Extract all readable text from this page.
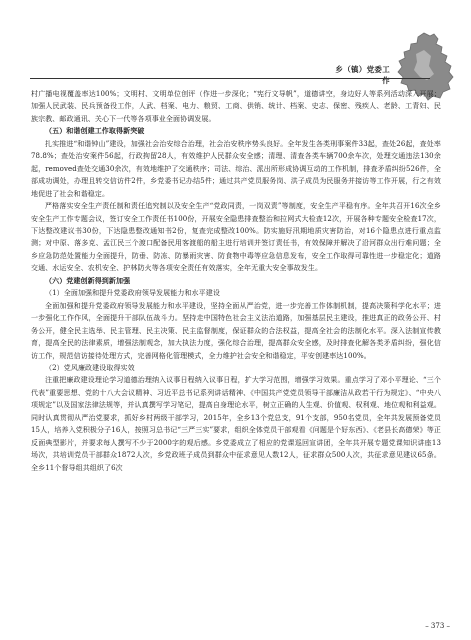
乡（镇）党委工作

村广播电视覆盖率达100%；文明村、文明单位创评（作进一步深化；“宪行文导帆”，道德讲空，身边好人等系列活动深入开展；加强人民武装、民兵预备役工作，人武、档案、电力、粮贸、工商、供销、统计、档案、史志、保密、残疾人、老龄、工青妇、民族宗教、邮政通讯、关心下一代等各项事业全面协调发展。

（五）和谐创建工作取得新突破

扎实推进“和谐钟山”建设，加强社会治安综合治理，社会治安秩序势头良好。全年发生各类刑事案件33起，查处26起，查处率78.8%；查处治安案件56起，行政拘留28人，有效维护人民群众安全感；清理、清查各类车辆700余车次，处理交通违法130余起，removed查处交通30余次，有效地维护了交通秩序；司法、综治、派出所形成协调互动的工作机制，排查矛盾纠纷526件，全部成功调处，办理且转交信访件2件，乡党委书记办结5件；通过共产党员服务岗、洪子成员为民服务并接访等工作开展，行之有效地促进了社会和谐稳定。

严格落实安全生产责任制和责任追究制以及安全生产“党政同责，一岗双责”等制度，安全生产平稳有序。全年共召开16次全乡安全生产工作专题会议，签订安全工作责任书100份，开展安全隐患排查整治和拉网式大检查12次，开展各种专题安全检查17次，下达整改建议书30份，下达隐患整改通知书2份，复查完成整改100%。防实施好汛期地质灾害防治，对16个隐患点进行重点监测；对中原、落多克、孟江民三个渡口配备民用客渡船的船主进行培训并签订责任书，有效保障并解决了沿河群众出行难问题；全乡应急防范处置能力全面提升，防垂、防冻、防暴雨灾害、防食物中毒等应急信息发布，安全工作取得可靠性进一步稳定化；道路交通、水运安全、农机安全、护林防火等各项安全责任有效落实，全年无重大安全事故发生。

（六）党建创新得到新加强

（1）全面加强和提升党委政府领导发展能力和水平建设

全面加强和提升党委政府领导发展能力和水平建设，坚持全面从严治党，进一步完善工作体制机制，提高决策科学化水平；进一步强化工作作风，全面提升干部队伍战斗力。坚持走中国特色社会主义法治道路，加强基层民主建设，推进真正的政务公开、村务公开，健全民主选举、民主管理、民主决策、民主监督制度，保证群众的合法权益，提高全社会的法制化水平。深入法制宣传教育，提高全民的法律素质，增强法制观念，加大执法力度，强化综合治理，提高群众安全感，及时排查化解各类矛盾纠纷，强化信访工作，规范信访接待处理方式，完善网格化管理模式，全力维护社会安全和谐稳定，平安创建率达100%。

（2）党风廉政建设取得实效

注重把廉政建设理论学习道德治理纳入议事日程纳入议事日程，扩大学习范围，增强学习效果。重点学习了邓小平理论、“三个代表”重要思想、党的十八大会议精神、习近平总书记系列讲话精神、《中国共产党党员领导干部廉洁从政若干行为规定》、“中央八项规定”以及国家法律法规等，并认真撰写学习笔记，提高自身理论水平，树立正确的人生观、价值观、权利观、地位观和利益观。同时认真贯彻从严治党要求，抓好乡村两级干部学习，2015年，全乡13个党总支，91个支部，950名党员，全年共发展预备党员15人，培养入党积极分子16人，按照习总书记“三严三实”要求，组织全体党员干部观看《问题是个好东西》、《老县长高德荣》等正反面典型影片，并要求每人撰写不少于2000字的观后感。乡党委成立了相应的党课巡回宣讲团，全年共开展专题党课知识讲座13场次，共培训党员干部群众1872人次，乡党政班子成员到群众中征求意见人数12人，征求群众500人次，共征求意见建议65条。全乡11个督导组共组织了6次

– 373 –
